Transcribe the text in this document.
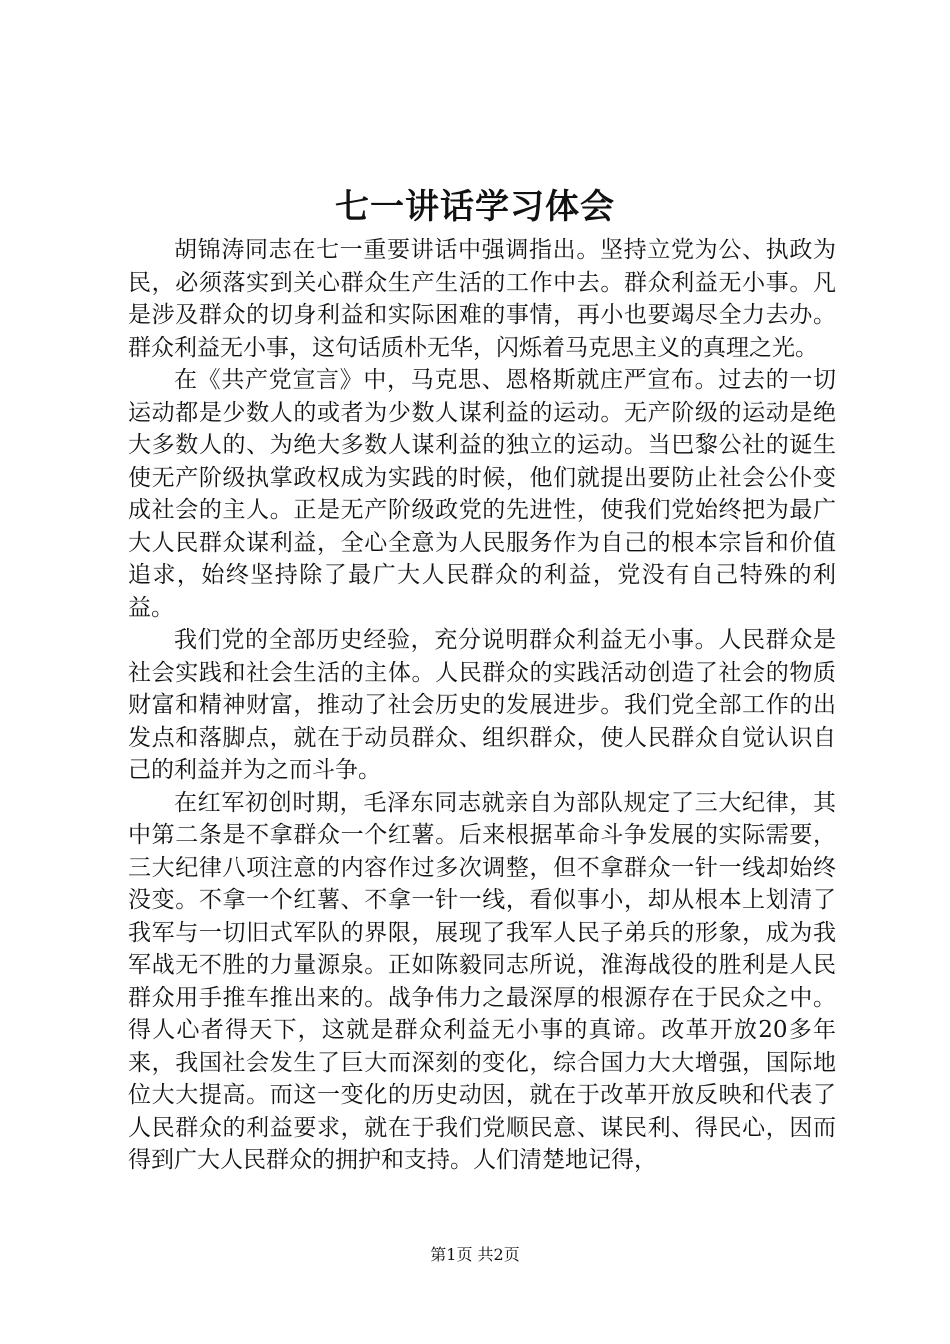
七一讲话学习体会

胡锦涛同志在七一重要讲话中强调指出。坚持立党为公、执政为民，必须落实到关心群众生产生活的工作中去。群众利益无小事。凡是涉及群众的切身利益和实际困难的事情，再小也要竭尽全力去办。群众利益无小事，这句话质朴无华，闪烁着马克思主义的真理之光。

在《共产党宣言》中，马克思、恩格斯就庄严宣布。过去的一切运动都是少数人的或者为少数人谋利益的运动。无产阶级的运动是绝大多数人的、为绝大多数人谋利益的独立的运动。当巴黎公社的诞生使无产阶级执掌政权成为实践的时候，他们就提出要防止社会公仆变成社会的主人。正是无产阶级政党的先进性，使我们党始终把为最广大人民群众谋利益，全心全意为人民服务作为自己的根本宗旨和价值追求，始终坚持除了最广大人民群众的利益，党没有自己特殊的利益。

我们党的全部历史经验，充分说明群众利益无小事。人民群众是社会实践和社会生活的主体。人民群众的实践活动创造了社会的物质财富和精神财富，推动了社会历史的发展进步。我们党全部工作的出发点和落脚点，就在于动员群众、组织群众，使人民群众自觉认识自己的利益并为之而斗争。

在红军初创时期，毛泽东同志就亲自为部队规定了三大纪律，其中第二条是不拿群众一个红薯。后来根据革命斗争发展的实际需要，三大纪律八项注意的内容作过多次调整，但不拿群众一针一线却始终没变。不拿一个红薯、不拿一针一线，看似事小，却从根本上划清了我军与一切旧式军队的界限，展现了我军人民子弟兵的形象，成为我军战无不胜的力量源泉。正如陈毅同志所说，淮海战役的胜利是人民群众用手推车推出来的。战争伟力之最深厚的根源存在于民众之中。得人心者得天下，这就是群众利益无小事的真谛。改革开放20多年来，我国社会发生了巨大而深刻的变化，综合国力大大增强，国际地位大大提高。而这一变化的历史动因，就在于改革开放反映和代表了人民群众的利益要求，就在于我们党顺民意、谋民利、得民心，因而得到广大人民群众的拥护和支持。人们清楚地记得，

第1页 共2页
